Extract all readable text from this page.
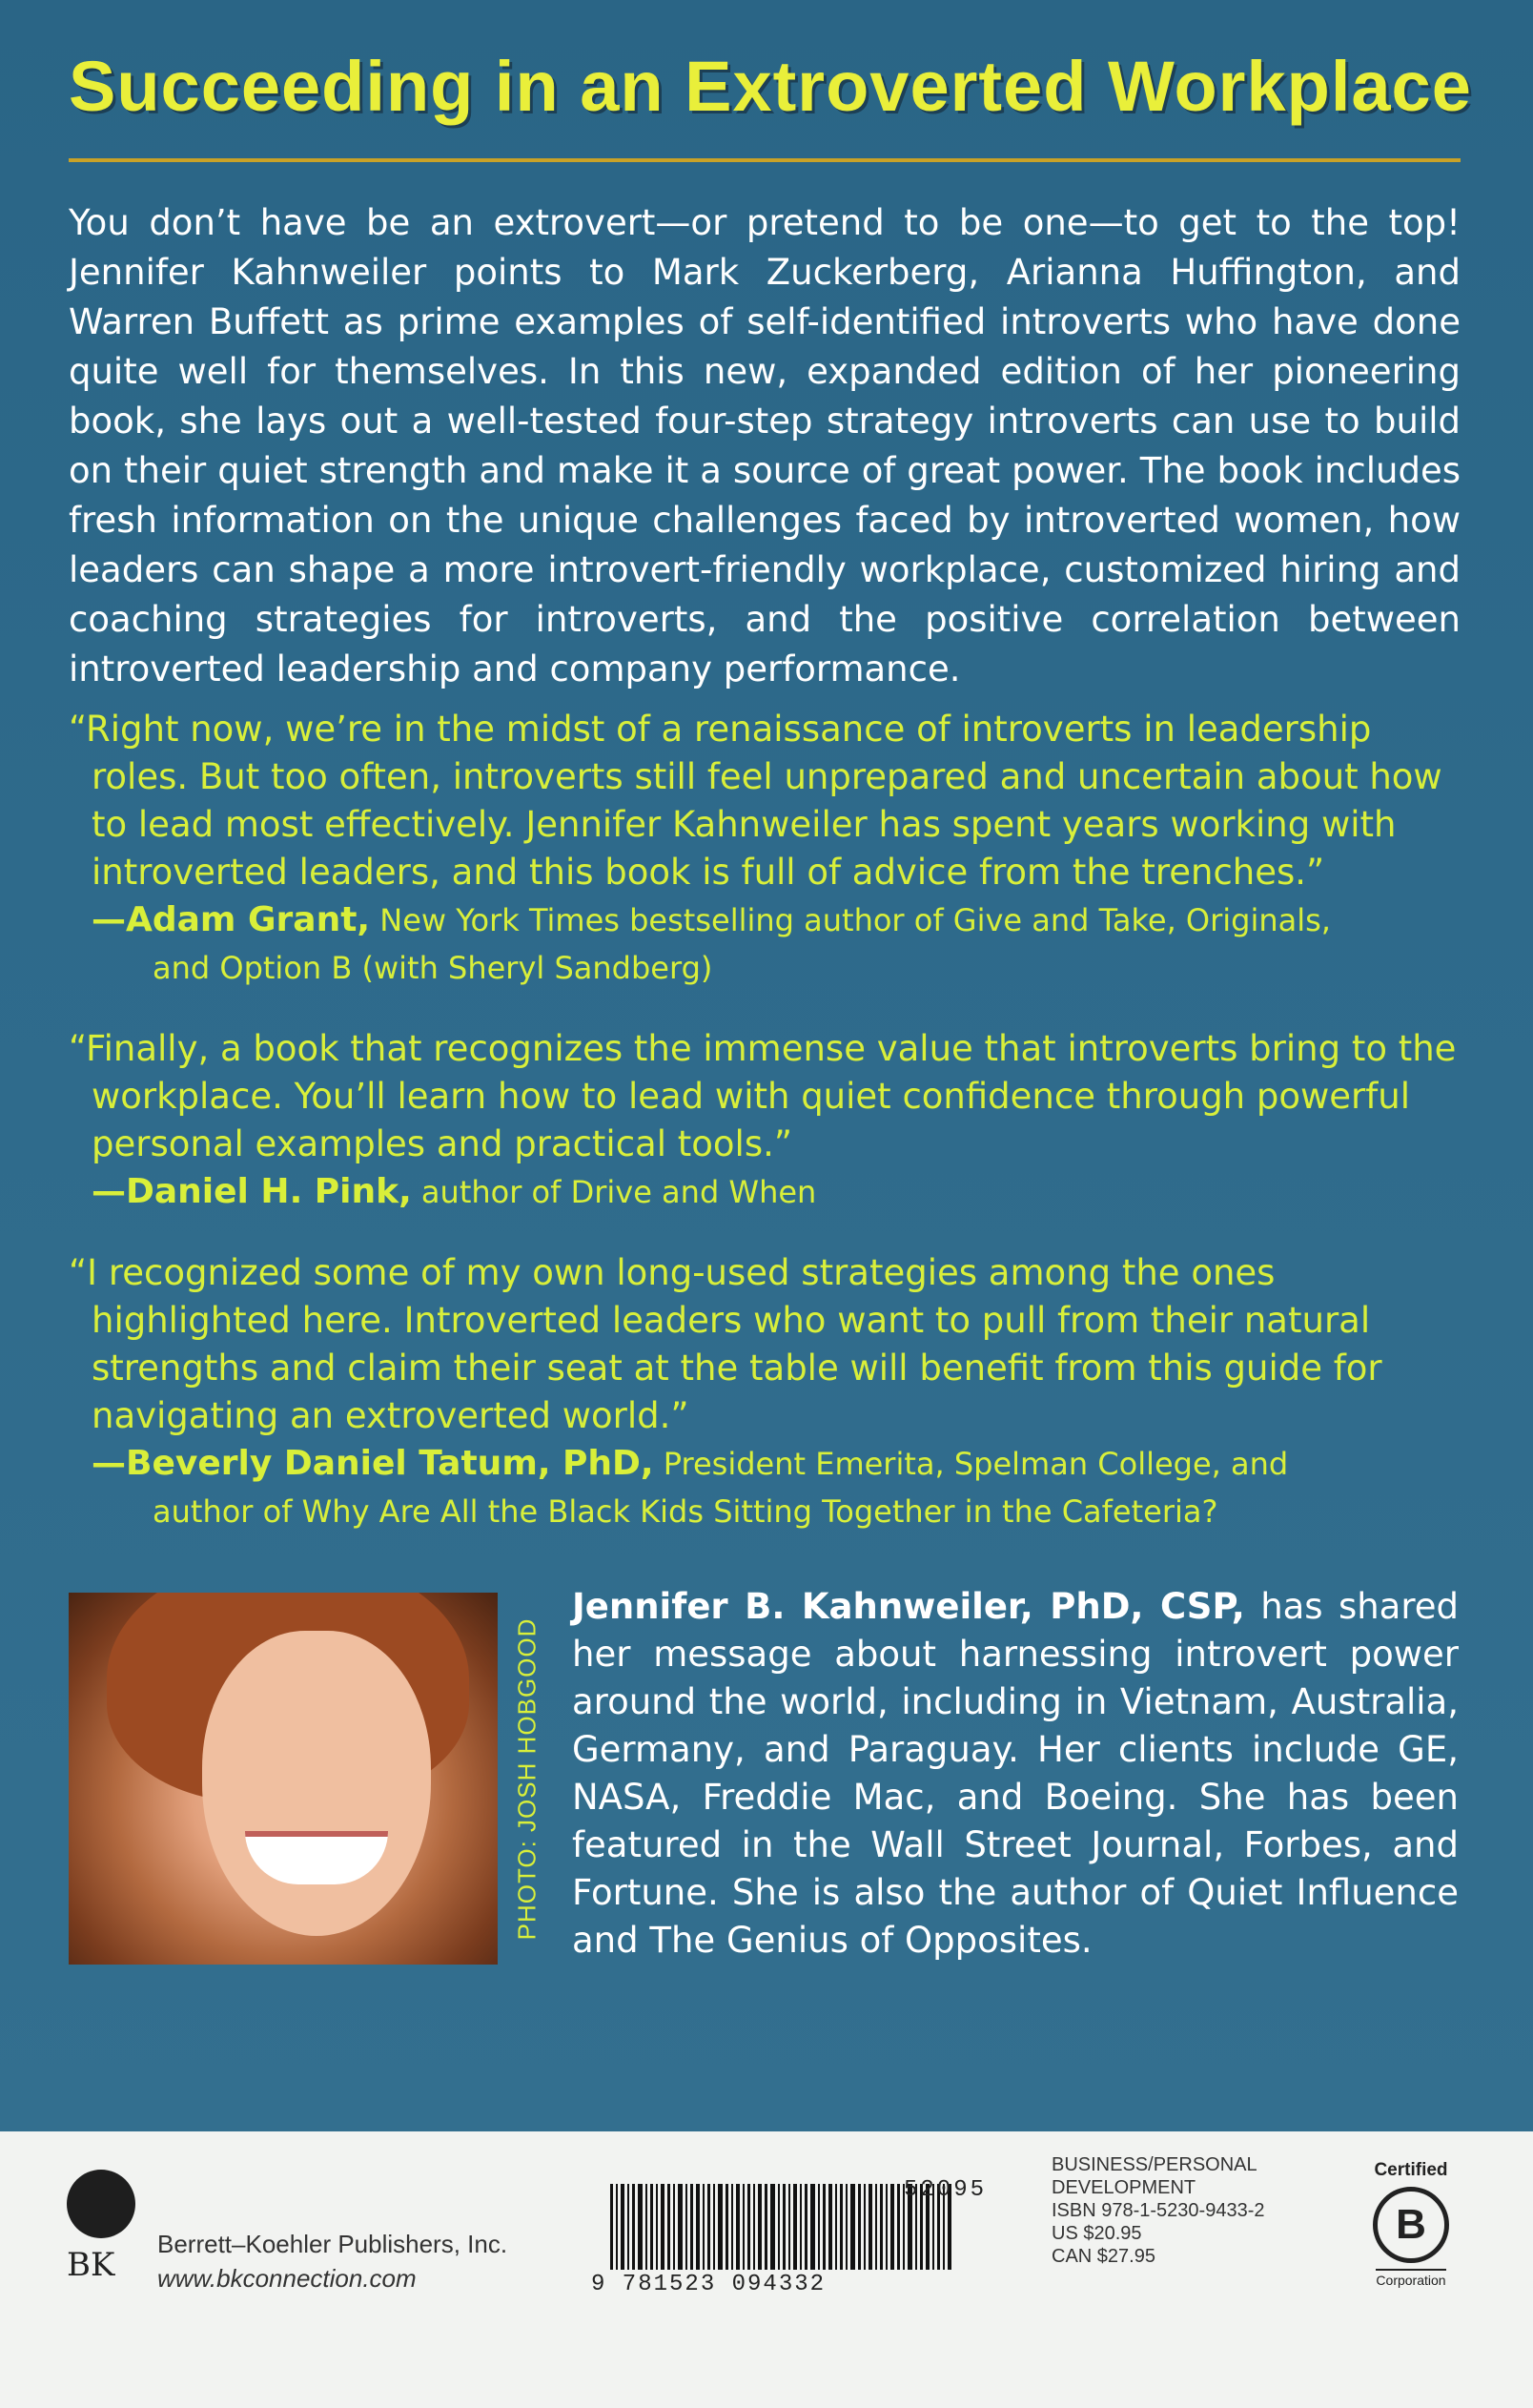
Succeeding in an Extroverted Workplace

You don’t have be an extrovert—or pretend to be one—to get to the top! Jennifer Kahnweiler points to Mark Zuckerberg, Arianna Huffington, and Warren Buffett as prime examples of self-identified introverts who have done quite well for themselves. In this new, expanded edition of her pioneering book, she lays out a well-tested four-step strategy introverts can use to build on their quiet strength and make it a source of great power. The book includes fresh information on the unique challenges faced by introverted women, how leaders can shape a more introvert-friendly workplace, customized hiring and coaching strategies for introverts, and the positive correlation between introverted leadership and company performance.

“Right now, we’re in the midst of a renaissance of introverts in leadership roles. But too often, introverts still feel unprepared and uncertain about how to lead most effectively. Jennifer Kahnweiler has spent years working with introverted leaders, and this book is full of advice from the trenches.”

—Adam Grant, New York Times bestselling author of Give and Take, Originals,
and Option B (with Sheryl Sandberg)

“Finally, a book that recognizes the immense value that introverts bring to the workplace. You’ll learn how to lead with quiet confidence through powerful personal examples and practical tools.”

—Daniel H. Pink, author of Drive and When

“I recognized some of my own long-used strategies among the ones highlighted here. Introverted leaders who want to pull from their natural strengths and claim their seat at the table will benefit from this guide for navigating an extroverted world.”

—Beverly Daniel Tatum, PhD, President Emerita, Spelman College, and
author of Why Are All the Black Kids Sitting Together in the Cafeteria?

PHOTO: JOSH HOBGOOD

Jennifer B. Kahnweiler, PhD, CSP, has shared her message about harnessing introvert power around the world, including in Vietnam, Australia, Germany, and Paraguay. Her clients include GE, NASA, Freddie Mac, and Boeing. She has been featured in the Wall Street Journal, Forbes, and Fortune. She is also the author of Quiet Influence and The Genius of Opposites.

BK
Berrett–Koehler Publishers, Inc.
www.bkconnection.com
52095
9 781523 094332
BUSINESS/PERSONAL DEVELOPMENT
ISBN 978-1-5230-9433-2
US $20.95
CAN $27.95
Certified
B
Corporation
